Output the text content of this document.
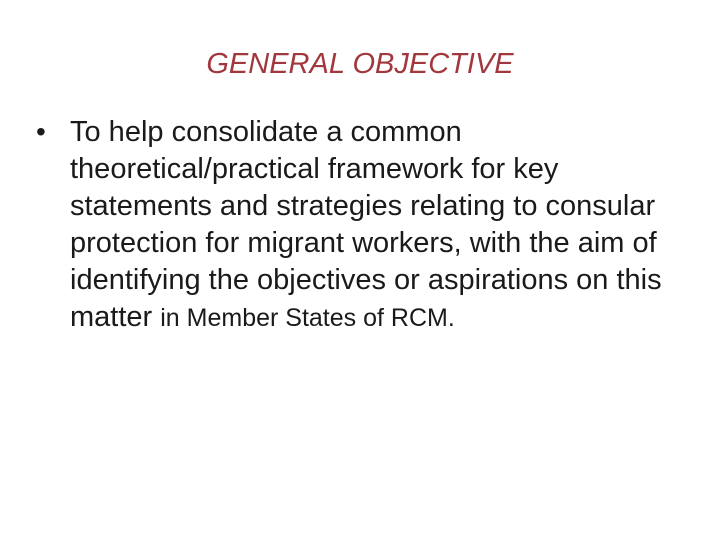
GENERAL OBJECTIVE
• To help consolidate a common theoretical/practical framework for key statements and strategies relating to consular protection for migrant workers, with the aim of identifying the objectives or aspirations on this matter in Member States of RCM.
